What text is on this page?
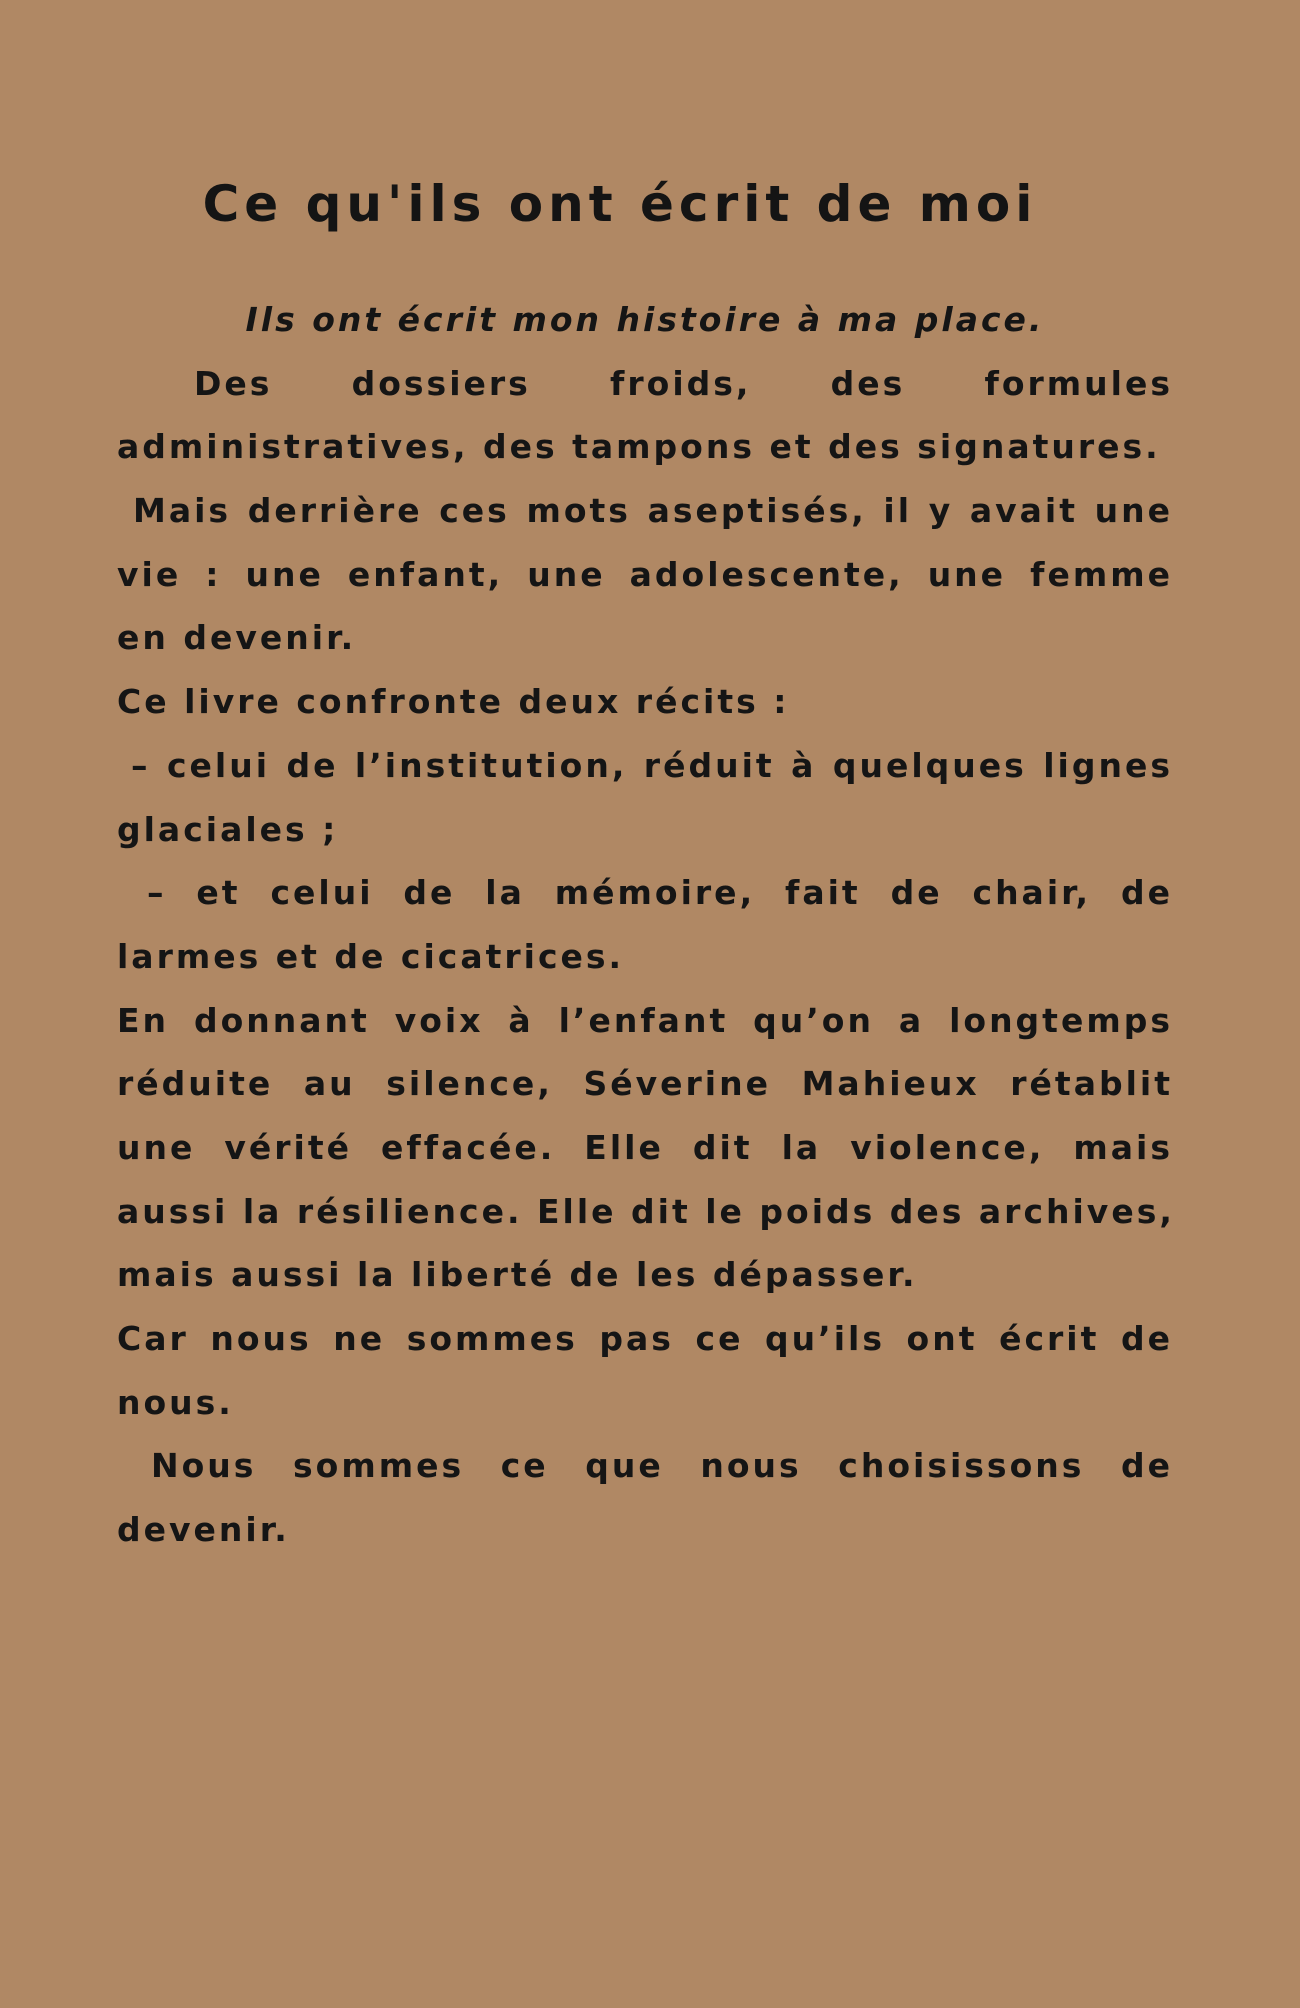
Ce qu'ils ont écrit de moi
Ils ont écrit mon histoire à ma place.
Des dossiers froids, des formules
administratives, des tampons et des signatures.
Mais derrière ces mots aseptisés, il y avait une
vie : une enfant, une adolescente, une femme
en devenir.
Ce livre confronte deux récits :
– celui de l’institution, réduit à quelques lignes
glaciales ;
– et celui de la mémoire, fait de chair, de
larmes et de cicatrices.
En donnant voix à l’enfant qu’on a longtemps
réduite au silence, Séverine Mahieux rétablit
une vérité effacée. Elle dit la violence, mais
aussi la résilience. Elle dit le poids des archives,
mais aussi la liberté de les dépasser.
Car nous ne sommes pas ce qu’ils ont écrit de
nous.
Nous sommes ce que nous choisissons de
devenir.
